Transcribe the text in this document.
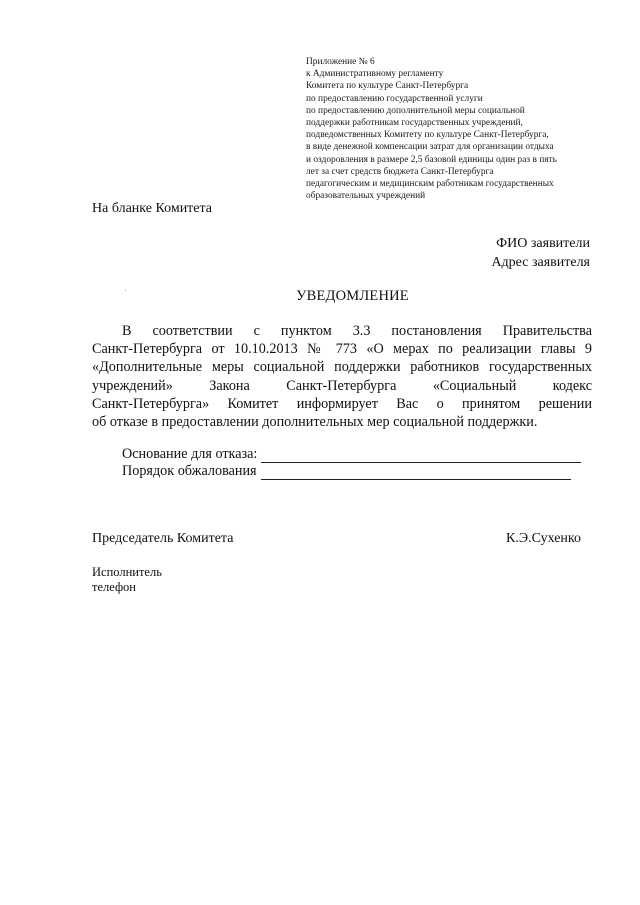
Приложение № 6
к Административному регламенту
Комитета по культуре Санкт-Петербурга
по предоставлению государственной услуги
по предоставлению дополнительной меры социальной
поддержки работникам государственных учреждений,
подведомственных Комитету по культуре Санкт-Петербурга,
в виде денежной компенсации затрат для организации отдыха
и оздоровления в размере 2,5 базовой единицы один раз в пять
лет за счет средств бюджета Санкт-Петербурга
педагогическим и медицинским работникам государственных
образовательных учреждений
На бланке Комитета
ФИО заявители
Адрес заявителя
УВЕДОМЛЕНИЕ
В соответствии с пунктом 3.3 постановления Правительства
Санкт-Петербурга от 10.10.2013 № 773 «О мерах по реализации главы 9
«Дополнительные меры социальной поддержки работников государственных
учреждений» Закона Санкт-Петербурга «Социальный кодекс
Санкт-Петербурга» Комитет информирует Вас о принятом решении
об отказе в предоставлении дополнительных мер социальной поддержки.
Основание для отказа:
Порядок обжалования
Председатель Комитета	К.Э.Сухенко
Исполнитель
телефон
